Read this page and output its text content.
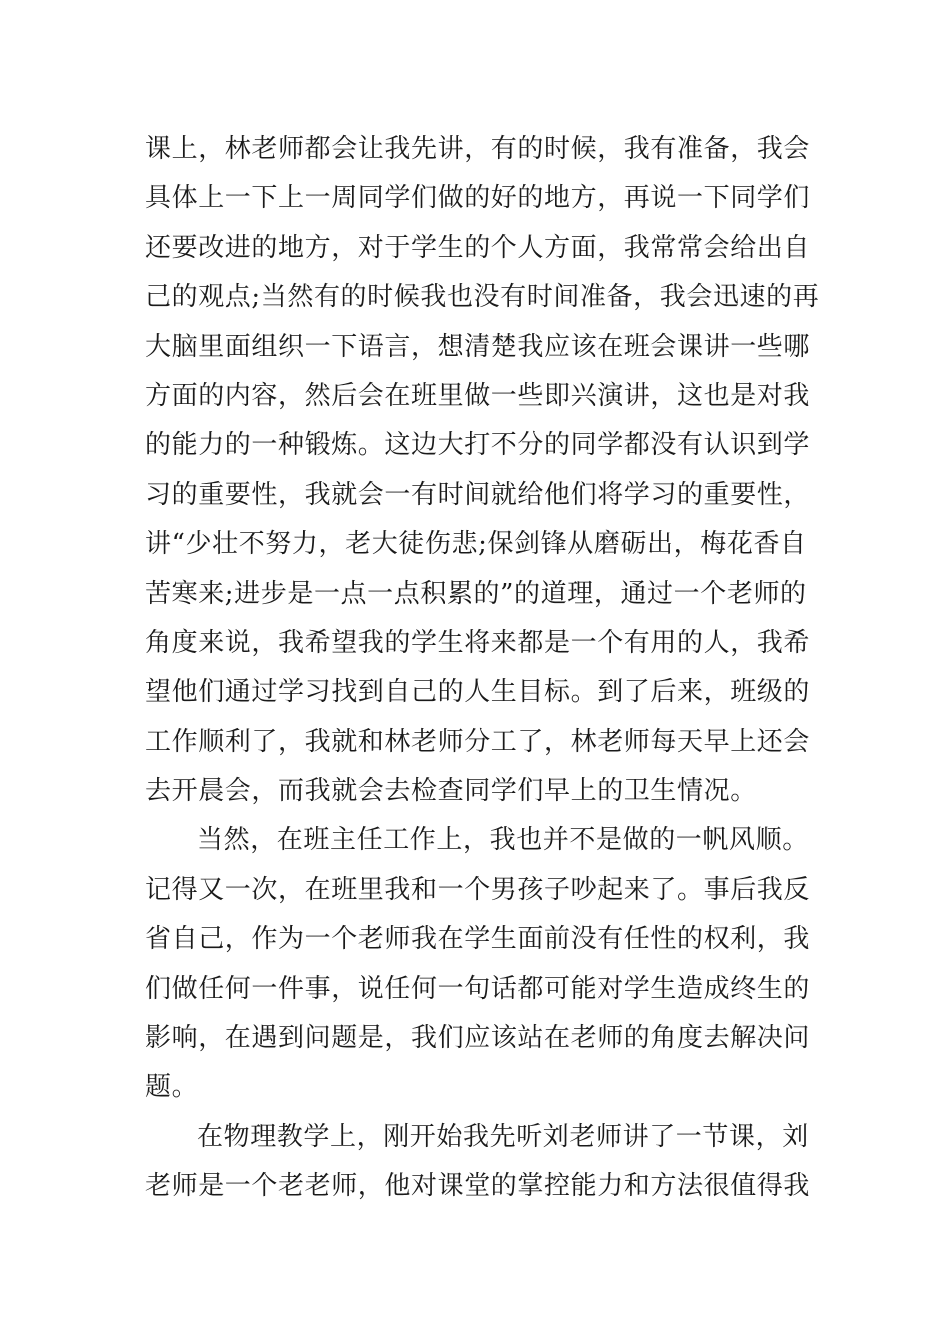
课上，林老师都会让我先讲，有的时候，我有准备，我会
具体上一下上一周同学们做的好的地方，再说一下同学们
还要改进的地方，对于学生的个人方面，我常常会给出自
己的观点;当然有的时候我也没有时间准备，我会迅速的再
大脑里面组织一下语言，想清楚我应该在班会课讲一些哪
方面的内容，然后会在班里做一些即兴演讲，这也是对我
的能力的一种锻炼。这边大打不分的同学都没有认识到学
习的重要性，我就会一有时间就给他们将学习的重要性，
讲“少壮不努力，老大徒伤悲;保剑锋从磨砺出，梅花香自
苦寒来;进步是一点一点积累的”的道理，通过一个老师的
角度来说，我希望我的学生将来都是一个有用的人，我希
望他们通过学习找到自己的人生目标。到了后来，班级的
工作顺利了，我就和林老师分工了，林老师每天早上还会
去开晨会，而我就会去检查同学们早上的卫生情况。
当然，在班主任工作上，我也并不是做的一帆风顺。
记得又一次，在班里我和一个男孩子吵起来了。事后我反
省自己，作为一个老师我在学生面前没有任性的权利，我
们做任何一件事，说任何一句话都可能对学生造成终生的
影响，在遇到问题是，我们应该站在老师的角度去解决问
题。
在物理教学上，刚开始我先听刘老师讲了一节课，刘
老师是一个老老师，他对课堂的掌控能力和方法很值得我
